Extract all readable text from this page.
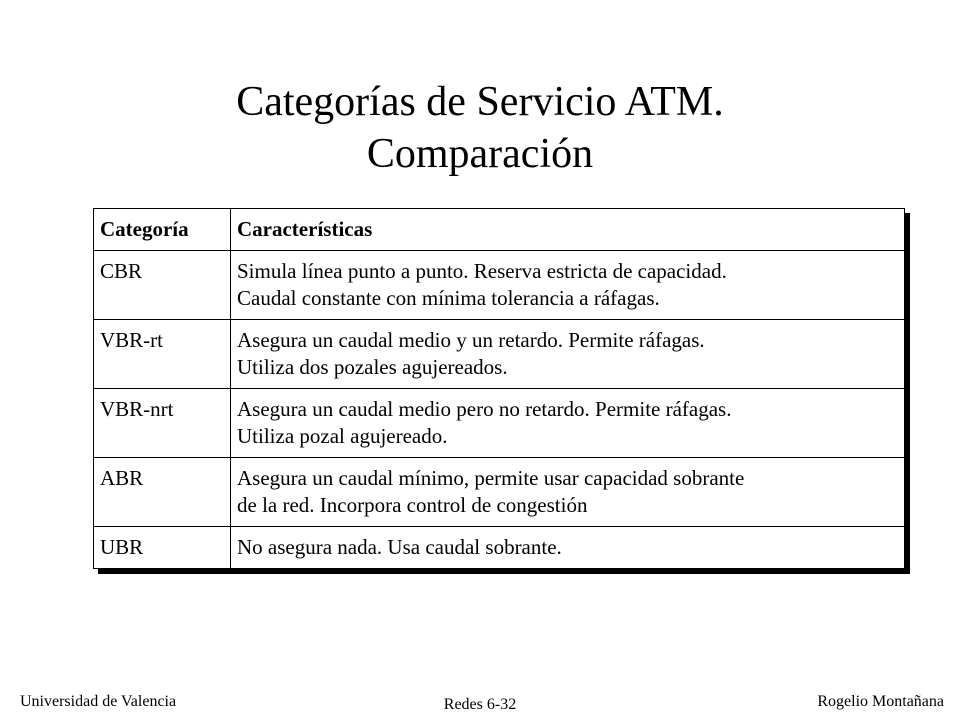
Categorías de Servicio ATM.
Comparación
Categoría	Características
CBR	Simula línea punto a punto. Reserva estricta de capacidad.
Caudal constante con mínima tolerancia a ráfagas.
VBR-rt	Asegura un caudal medio y un retardo. Permite ráfagas.
Utiliza dos pozales agujereados.
VBR-nrt	Asegura un caudal medio pero no retardo. Permite ráfagas.
Utiliza pozal agujereado.
ABR	Asegura un caudal mínimo, permite usar capacidad sobrante
de la red. Incorpora control de congestión
UBR	No asegura nada. Usa caudal sobrante.
Universidad de Valencia	Redes 6-32	Rogelio Montañana
